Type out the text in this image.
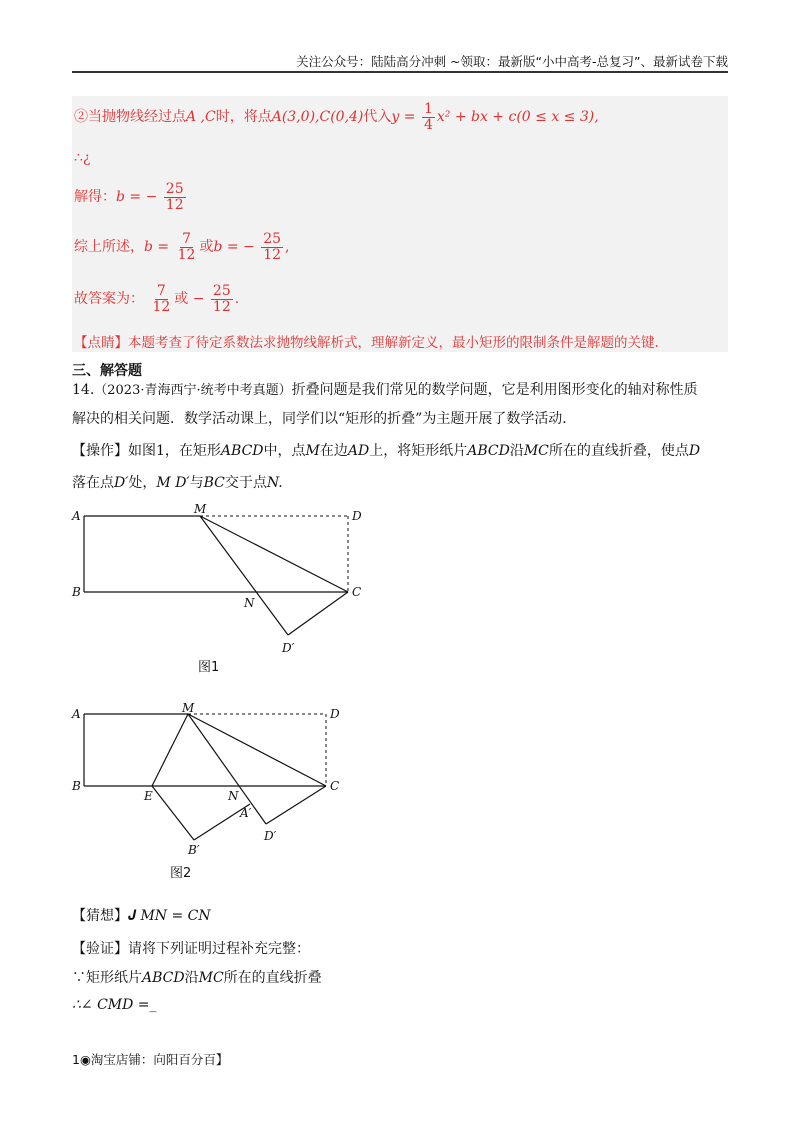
关注公众号：陆陆高分冲刺 ~领取：最新版“小中高考-总复习”、最新试卷下载
②当抛物线经过点A ,C时，将点A(3,0),C(0,4)代入$y = \frac{1}{4} x^2$ + bx + c(0 ≤ x ≤ 3),
∴¿
解得：b = − $\frac{25}{12}$
综上所述，$b = \frac{7}{12}$ 或b = − $\frac{25}{12}$ ,
故答案为： $\frac{7}{12}$ 或 − $\frac{25}{12}$ .
【点睛】本题考查了待定系数法求抛物线解析式，理解新定义，最小矩形的限制条件是解题的关键.
三、解答题
14.（2023·青海西宁·统考中考真题）折叠问题是我们常见的数学问题，它是利用图形变化的轴对称性质
解决的相关问题．数学活动课上，同学们以“矩形的折叠”为主题开展了数学活动．
【操作】如图1，在矩形ABCD中，点M在边AD上，将矩形纸片ABCD沿MC所在的直线折叠，使点D
落在点D′处，M D′与BC交于点N.
A
B	C
D
M
N
D′
图1
A
B	C
D
M
N
E
A′
B′
D′
图2
【猜想】𝑱 MN = CN
【验证】请将下列证明过程补充完整：
∵矩形纸片ABCD沿MC所在的直线折叠
∴∠ CMD =_
1◉淘宝店铺：向阳百分百】
